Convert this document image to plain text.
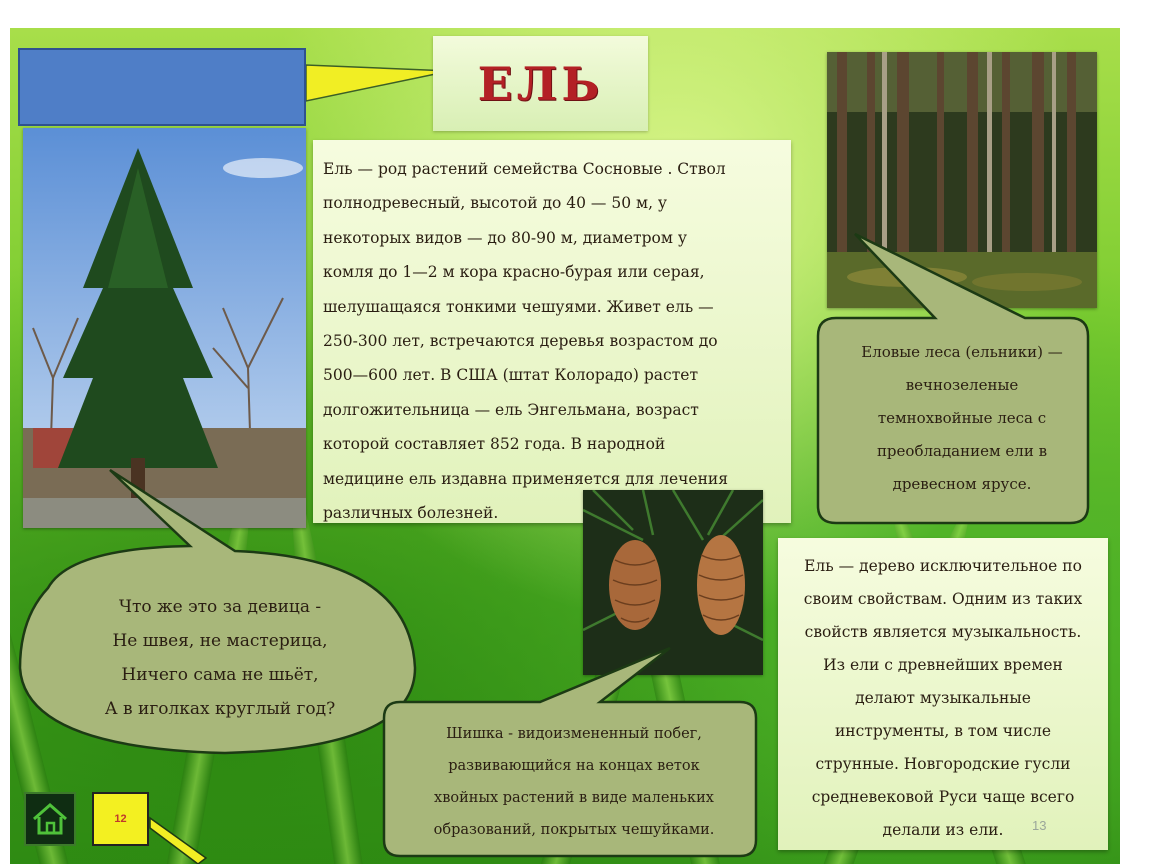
ЕЛЬ
Ель — род растений семейства Сосновые . Ствол
полнодревесный, высотой до 40 — 50 м, у
некоторых видов — до 80-90 м, диаметром у
комля до 1—2 м кора красно-бурая или серая,
шелушащаяся тонкими чешуями. Живет ель —
250-300 лет, встречаются деревья возрастом до
500—600 лет. В США (штат Колорадо) растет
долгожительница — ель Энгельмана, возраст
которой составляет 852 года. В народной
медицине ель издавна применяется для лечения
различных болезней.
Что же это за девица -
Не швея, не мастерица,
Ничего сама не шьёт,
А в иголках круглый год?
Еловые леса (ельники) —
вечнозеленые
темнохвойные леса с
преобладанием ели в
древесном ярусе.
Шишка - видоизмененный побег,
развивающийся на концах веток
хвойных растений в виде маленьких
образований, покрытых чешуйками.
Ель — дерево исключительное по
своим свойствам. Одним из таких
свойств является музыкальность.
Из ели с древнейших времен
делают музыкальные
инструменты, в том числе
струнные. Новгородские гусли
средневековой Руси чаще всего
делали из ели.	13
12
